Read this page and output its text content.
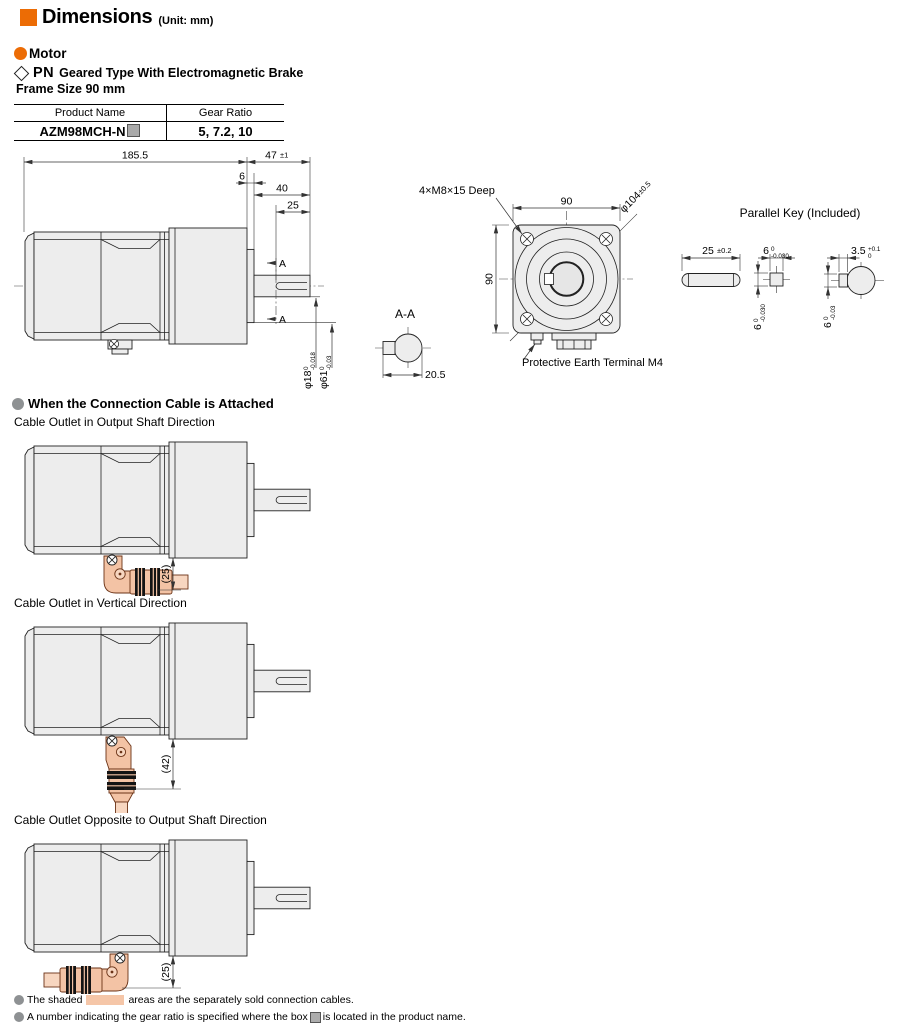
Dimensions (Unit: mm)
Motor
PN Geared Type With Electromagnetic Brake
Frame Size 90 mm
Product Name	Gear Ratio
AZM98MCH-N	5, 7.2, 10
185.5	47 ±1
6
40
25
A
A
φ18
0 -0.018
φ61
0 -0.03
A-A
20.5
4×M8×15 Deep
90
90
φ104
±0.5
Protective Earth Terminal M4
Parallel Key (Included)
25 ±0.2	6 0
-0.030
6
0 -0.030
3.5 +0.1
0
6
0 -0.03
When the Connection Cable is Attached
Cable Outlet in Output Shaft Direction
(25)
Cable Outlet in Vertical Direction
(42)
Cable Outlet Opposite to Output Shaft Direction
(25)
The shaded	areas are the separately sold connection cables.
A number indicating the gear ratio is specified where the box is located in the product name.
